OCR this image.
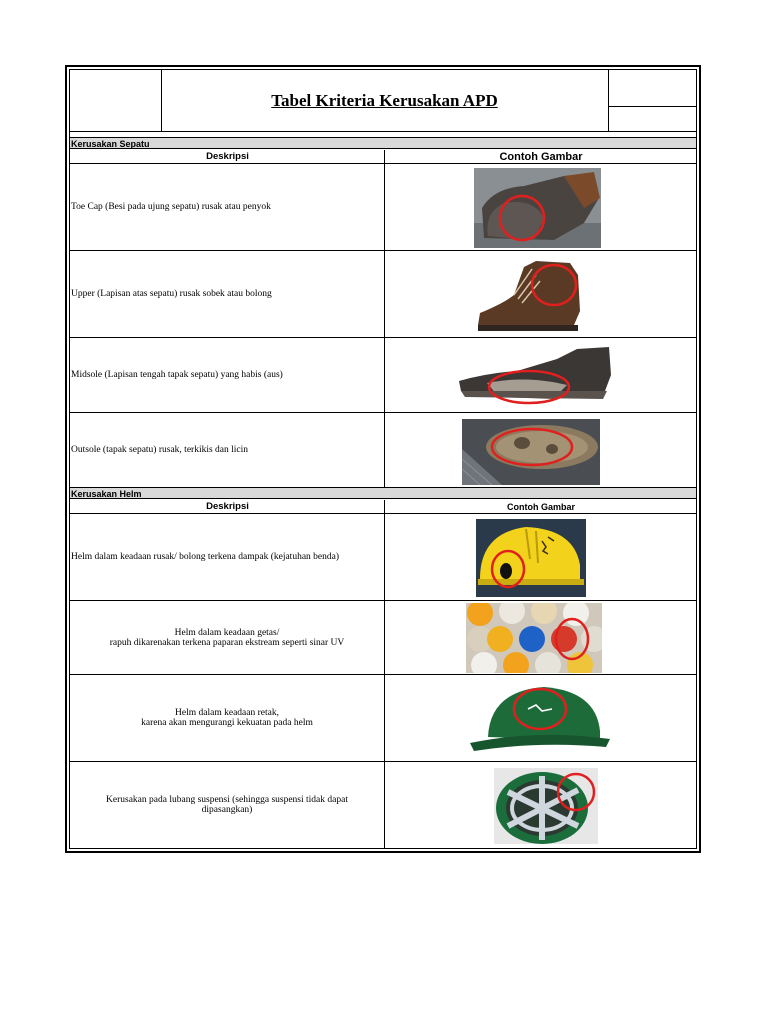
Tabel Kriteria Kerusakan APD
Kerusakan Sepatu
Deskripsi	Contoh Gambar
Toe Cap (Besi pada ujung sepatu) rusak atau penyok
Upper (Lapisan atas sepatu) rusak sobek atau bolong
Midsole (Lapisan tengah tapak sepatu) yang habis (aus)
Outsole (tapak sepatu) rusak, terkikis dan licin
Kerusakan Helm
Deskripsi	Contoh Gambar
Helm dalam keadaan rusak/ bolong terkena dampak (kejatuhan benda)
Helm dalam keadaan getas/
rapuh dikarenakan terkena paparan ekstream seperti sinar UV
Helm dalam keadaan retak,
karena akan mengurangi kekuatan pada helm
Kerusakan pada lubang suspensi (sehingga suspensi tidak dapat
dipasangkan)
